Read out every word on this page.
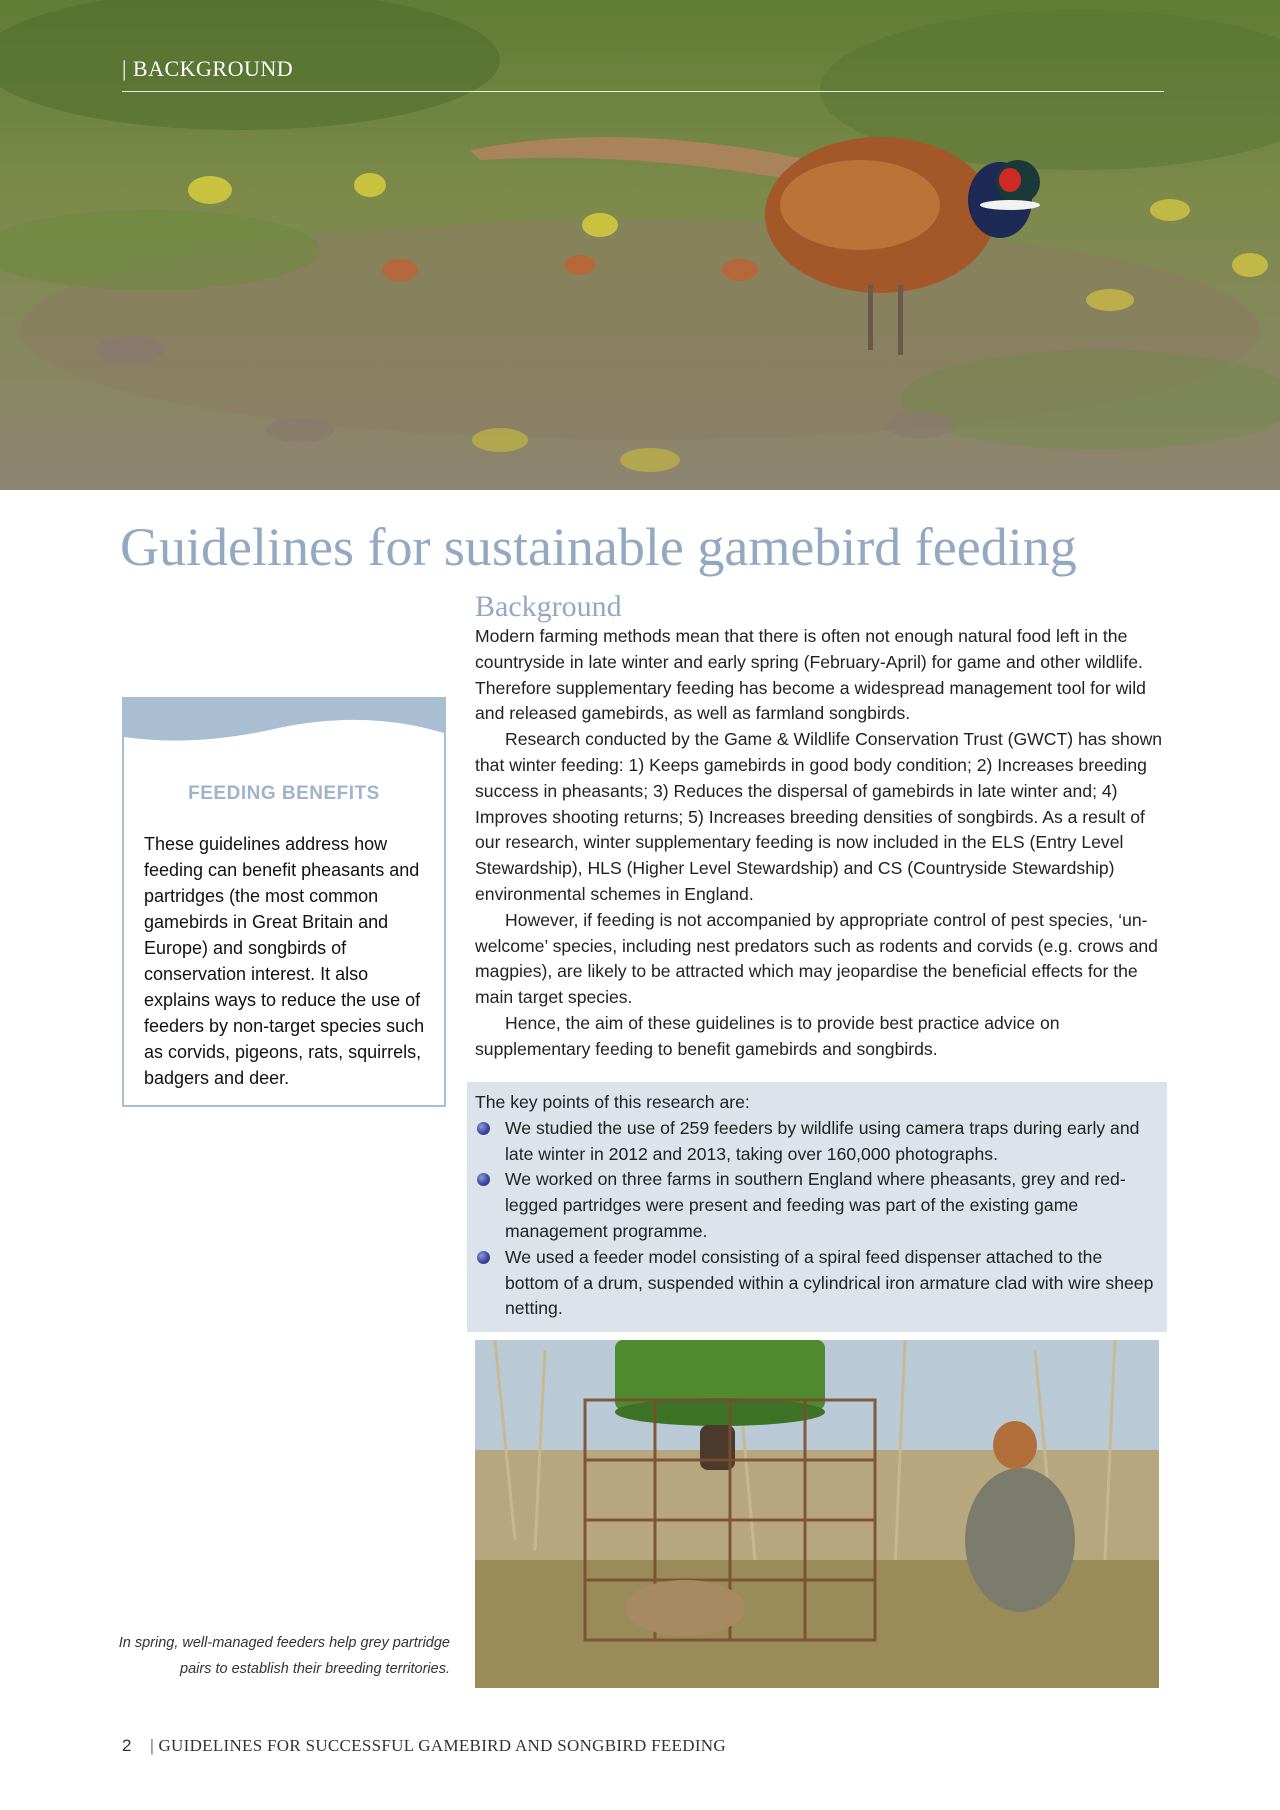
| BACKGROUND
Guidelines for sustainable gamebird feeding
FEEDING BENEFITS
These guidelines address how feeding can benefit pheasants and partridges (the most common gamebirds in Great Britain and Europe) and songbirds of conservation interest. It also explains ways to reduce the use of feeders by non-target species such as corvids, pigeons, rats, squirrels, badgers and deer.
Background

Modern farming methods mean that there is often not enough natural food left in the countryside in late winter and early spring (February-April) for game and other wildlife. Therefore supplementary feeding has become a widespread management tool for wild and released gamebirds, as well as farmland songbirds.

Research conducted by the Game & Wildlife Conservation Trust (GWCT) has shown that winter feeding: 1) Keeps gamebirds in good body condition; 2) Increases breeding success in pheasants; 3) Reduces the dispersal of gamebirds in late winter and; 4) Improves shooting returns; 5) Increases breeding densities of songbirds. As a result of our research, winter supplementary feeding is now included in the ELS (Entry Level Stewardship), HLS (Higher Level Stewardship) and CS (Countryside Stewardship) environmental schemes in England.

However, if feeding is not accompanied by appropriate control of pest species, ‘un-welcome’ species, including nest predators such as rodents and corvids (e.g. crows and magpies), are likely to be attracted which may jeopardise the beneficial effects for the main target species.

Hence, the aim of these guidelines is to provide best practice advice on supplementary feeding to benefit gamebirds and songbirds.

The key points of this research are:
We studied the use of 259 feeders by wildlife using camera traps during early and late winter in 2012 and 2013, taking over 160,000 photographs.
We worked on three farms in southern England where pheasants, grey and red-legged partridges were present and feeding was part of the existing game management programme.
We used a feeder model consisting of a spiral feed dispenser attached to the bottom of a drum, suspended within a cylindrical iron armature clad with wire sheep netting.
In spring, well-managed feeders help grey partridge pairs to establish their breeding territories.
2 | GUIDELINES FOR SUCCESSFUL GAMEBIRD AND SONGBIRD FEEDING
